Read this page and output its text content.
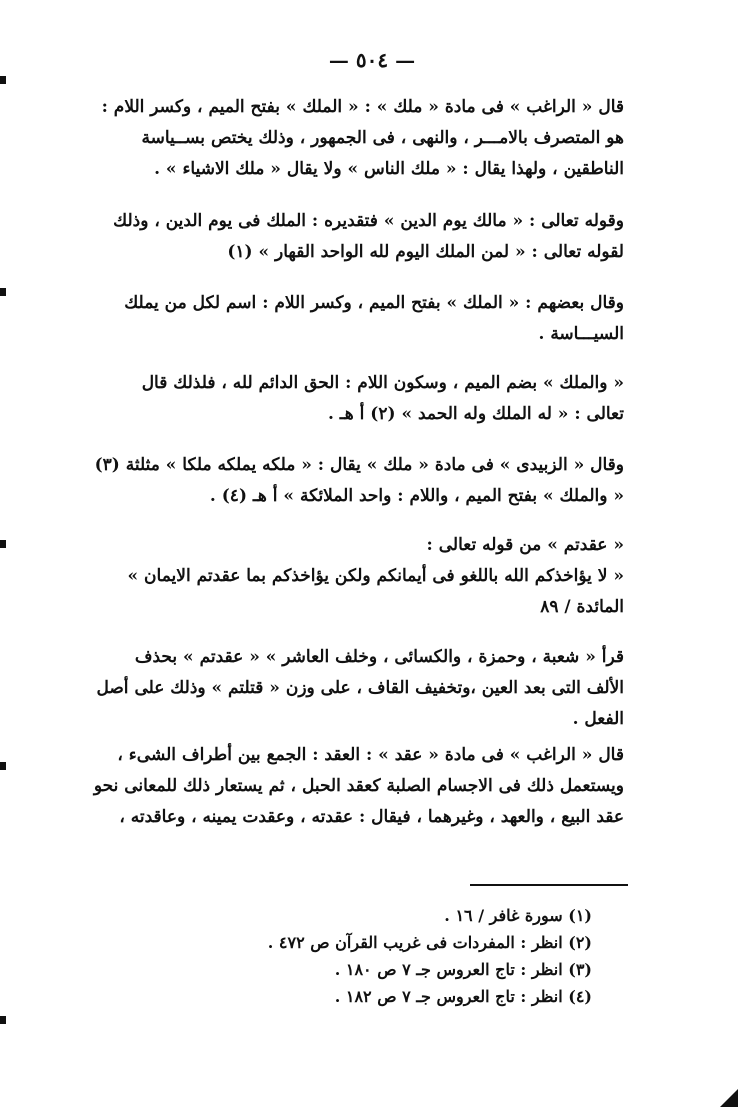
— ٥٠٤ —
قال « الراغب » فى مادة « ملك » : « الملك » بفتح الميم ، وكسر اللام :
هو المتصرف بالامـــر ، والنهى ، فى الجمهور ، وذلك يختص بســياسة
الناطقين ، ولهذا يقال : « ملك الناس » ولا يقال « ملك الاشياء » .
وقوله تعالى : « مالك يوم الدين » فتقديره : الملك فى يوم الدين ، وذلك
لقوله تعالى : « لمن الملك اليوم لله الواحد القهار » (١)
وقال بعضهم : « الملك » بفتح الميم ، وكسر اللام : اسم لكل من يملك
السيـــاسة .
« والملك » بضم الميم ، وسكون اللام : الحق الدائم لله ، فلذلك قال
تعالى : « له الملك وله الحمد » (٢) أ هـ .
وقال « الزبيدى » فى مادة « ملك » يقال : « ملكه يملكه ملكا » مثلثة (٣)
« والملك » بفتح الميم ، واللام : واحد الملائكة » أ هـ (٤) .
« عقدتم » من قوله تعالى :
« لا يؤاخذكم الله باللغو فى أيمانكم ولكن يؤاخذكم بما عقدتم الايمان »
المائدة / ٨٩
قرأ « شعبة ، وحمزة ، والكسائى ، وخلف العاشر » « عقدتم » بحذف
الألف التى بعد العين ،وتخفيف القاف ، على وزن « قتلتم » وذلك على أصل
الفعل .
قال « الراغب » فى مادة « عقد » : العقد : الجمع بين أطراف الشىء ،
ويستعمل ذلك فى الاجسام الصلبة كعقد الحبل ، ثم يستعار ذلك للمعانى نحو
عقد البيع ، والعهد ، وغيرهما ، فيقال : عقدته ، وعقدت يمينه ، وعاقدته ،
(١) سورة غافر / ١٦ .
(٢) انظر : المفردات فى غريب القرآن ص ٤٧٢ .
(٣) انظر : تاج العروس جـ ٧ ص ١٨٠ .
(٤) انظر : تاج العروس جـ ٧ ص ١٨٢ .
